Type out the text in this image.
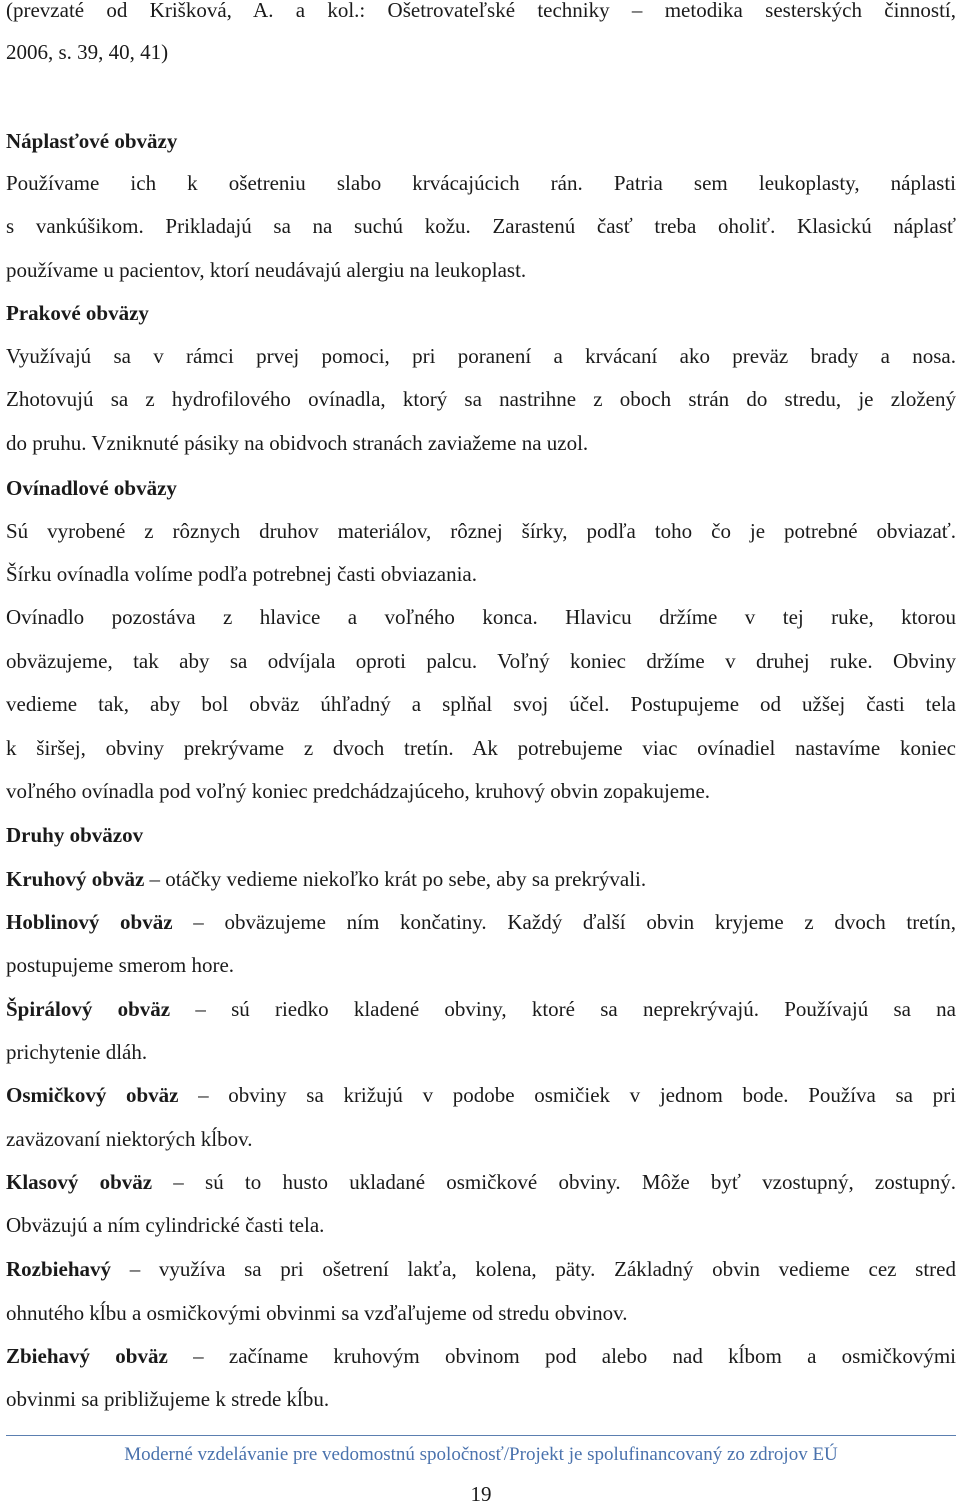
(prevzaté od Krišková, A. a kol.: Ošetrovateľské techniky – metodika sesterských činností,
2006, s. 39, 40, 41)
Náplasťové obväzy
Používame ich k ošetreniu slabo krvácajúcich rán. Patria sem leukoplasty, náplasti
s vankúšikom. Prikladajú sa na suchú kožu. Zarastenú časť treba oholiť. Klasickú náplasť
používame u pacientov, ktorí neudávajú alergiu na leukoplast.
Prakové obväzy
Využívajú sa v rámci prvej pomoci, pri poranení a krvácaní ako preväz brady a nosa.
Zhotovujú sa z hydrofilového ovínadla, ktorý sa nastrihne z oboch strán do stredu, je zložený
do pruhu. Vzniknuté pásiky na obidvoch stranách zaviažeme na uzol.
Ovínadlové obväzy
Sú vyrobené z rôznych druhov materiálov, rôznej šírky, podľa toho čo je potrebné obviazať.
Šírku ovínadla volíme podľa potrebnej časti obviazania.
Ovínadlo pozostáva z hlavice a voľného konca. Hlavicu držíme v tej ruke, ktorou
obväzujeme, tak aby sa odvíjala oproti palcu. Voľný koniec držíme v druhej ruke. Obviny
vedieme tak, aby bol obväz úhľadný a splňal svoj účel. Postupujeme od užšej časti tela
k širšej, obviny prekrývame z dvoch tretín. Ak potrebujeme viac ovínadiel nastavíme koniec
voľného ovínadla pod voľný koniec predchádzajúceho, kruhový obvin zopakujeme.
Druhy obväzov
Kruhový obväz – otáčky vedieme niekoľko krát po sebe, aby sa prekrývali.
Hoblinový obväz – obväzujeme ním končatiny. Každý ďalší obvin kryjeme z dvoch tretín,
postupujeme smerom hore.
Špirálový obväz – sú riedko kladené obviny, ktoré sa neprekrývajú. Používajú sa na
prichytenie dláh.
Osmičkový obväz – obviny sa križujú v podobe osmičiek v jednom bode. Používa sa pri
zaväzovaní niektorých kĺbov.
Klasový obväz – sú to husto ukladané osmičkové obviny. Môže byť vzostupný, zostupný.
Obväzujú a ním cylindrické časti tela.
Rozbiehavý – využíva sa pri ošetrení lakťa, kolena, päty. Základný obvin vedieme cez stred
ohnutého kĺbu a osmičkovými obvinmi sa vzďaľujeme od stredu obvinov.
Zbiehavý obväz – začíname kruhovým obvinom pod alebo nad kĺbom a osmičkovými
obvinmi sa približujeme k strede kĺbu.
Moderné vzdelávanie pre vedomostnú spoločnosť/Projekt je spolufinancovaný zo zdrojov EÚ
19
